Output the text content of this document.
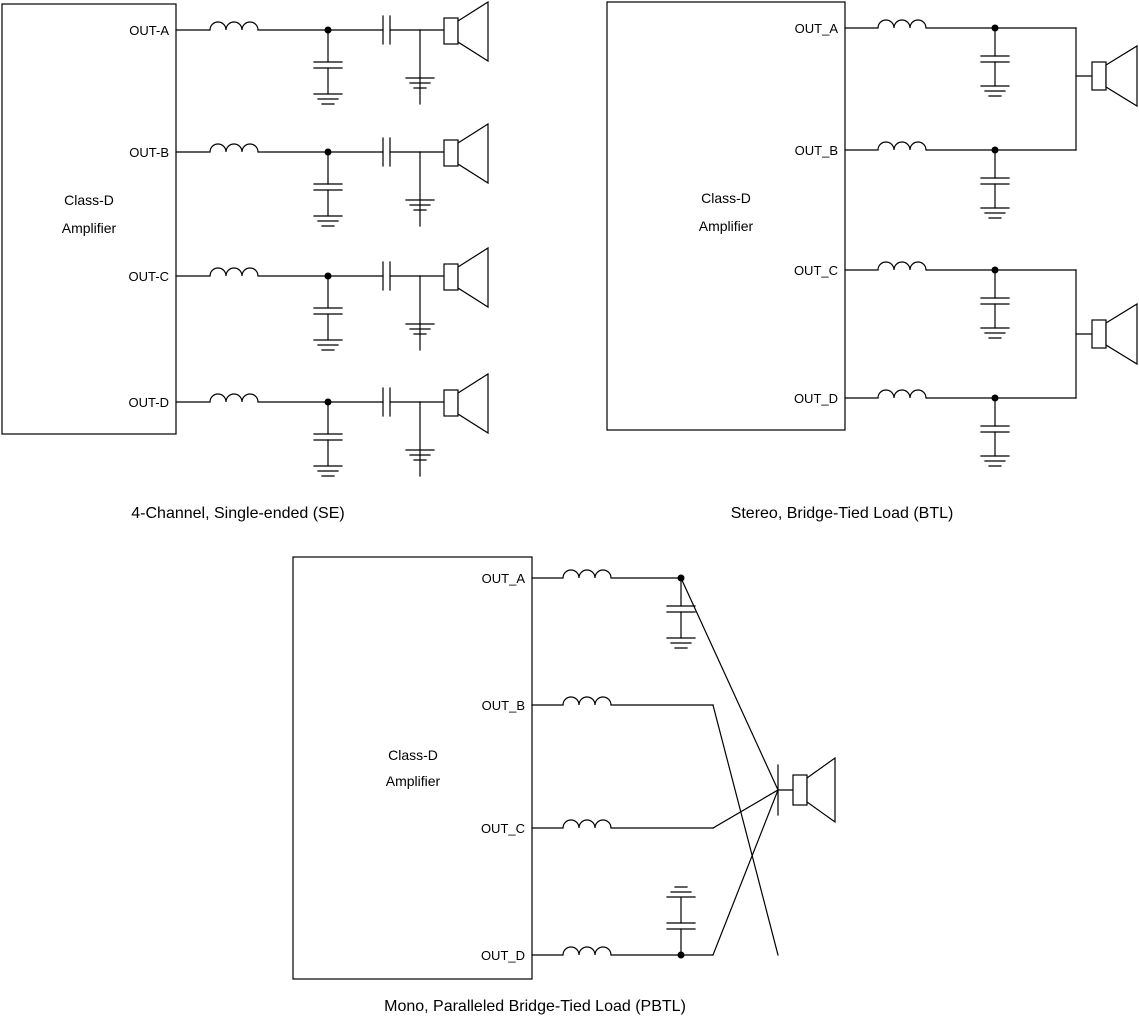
Class-D
Amplifier
OUT-A
OUT-B
OUT-C
OUT-D
4-Channel, Single-ended (SE)
Class-D
Amplifier
OUT_A
OUT_B
OUT_C
OUT_D
Stereo, Bridge-Tied Load (BTL)
Class-D
Amplifier
OUT_A
OUT_B
OUT_C
OUT_D
Mono, Paralleled Bridge-Tied Load (PBTL)
